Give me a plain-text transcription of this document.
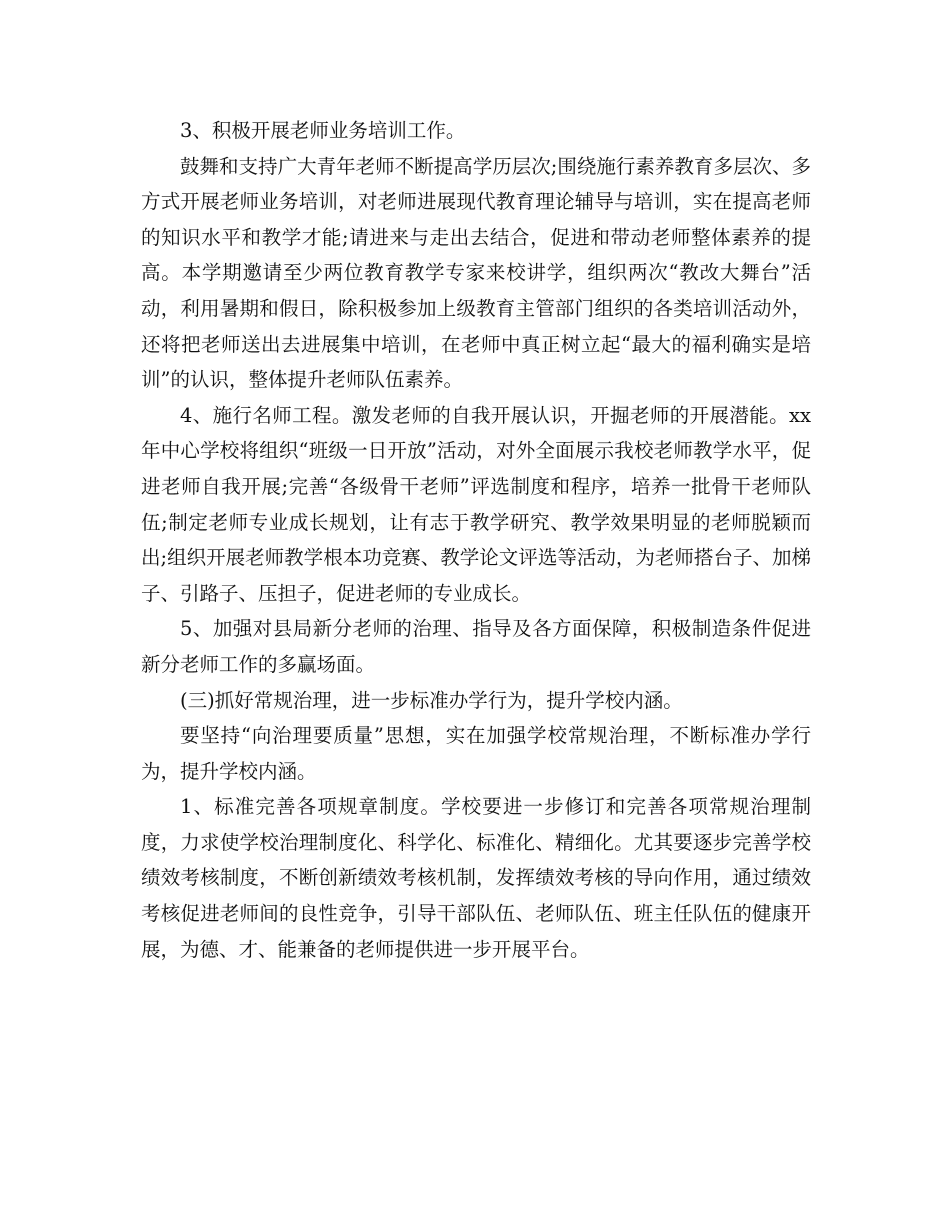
3、积极开展老师业务培训工作。

鼓舞和支持广大青年老师不断提高学历层次;围绕施行素养教育多层次、多方式开展老师业务培训，对老师进展现代教育理论辅导与培训，实在提高老师的知识水平和教学才能;请进来与走出去结合，促进和带动老师整体素养的提高。本学期邀请至少两位教育教学专家来校讲学，组织两次“教改大舞台”活动，利用暑期和假日，除积极参加上级教育主管部门组织的各类培训活动外，还将把老师送出去进展集中培训，在老师中真正树立起“最大的福利确实是培训”的认识，整体提升老师队伍素养。

4、施行名师工程。激发老师的自我开展认识，开掘老师的开展潜能。xx年中心学校将组织“班级一日开放”活动，对外全面展示我校老师教学水平，促进老师自我开展;完善“各级骨干老师”评选制度和程序，培养一批骨干老师队伍;制定老师专业成长规划，让有志于教学研究、教学效果明显的老师脱颖而出;组织开展老师教学根本功竞赛、教学论文评选等活动，为老师搭台子、加梯子、引路子、压担子，促进老师的专业成长。

5、加强对县局新分老师的治理、指导及各方面保障，积极制造条件促进新分老师工作的多赢场面。

(三)抓好常规治理，进一步标准办学行为，提升学校内涵。

要坚持“向治理要质量”思想，实在加强学校常规治理，不断标准办学行为，提升学校内涵。

1、标准完善各项规章制度。学校要进一步修订和完善各项常规治理制度，力求使学校治理制度化、科学化、标准化、精细化。尤其要逐步完善学校绩效考核制度，不断创新绩效考核机制，发挥绩效考核的导向作用，通过绩效考核促进老师间的良性竞争，引导干部队伍、老师队伍、班主任队伍的健康开展，为德、才、能兼备的老师提供进一步开展平台。
